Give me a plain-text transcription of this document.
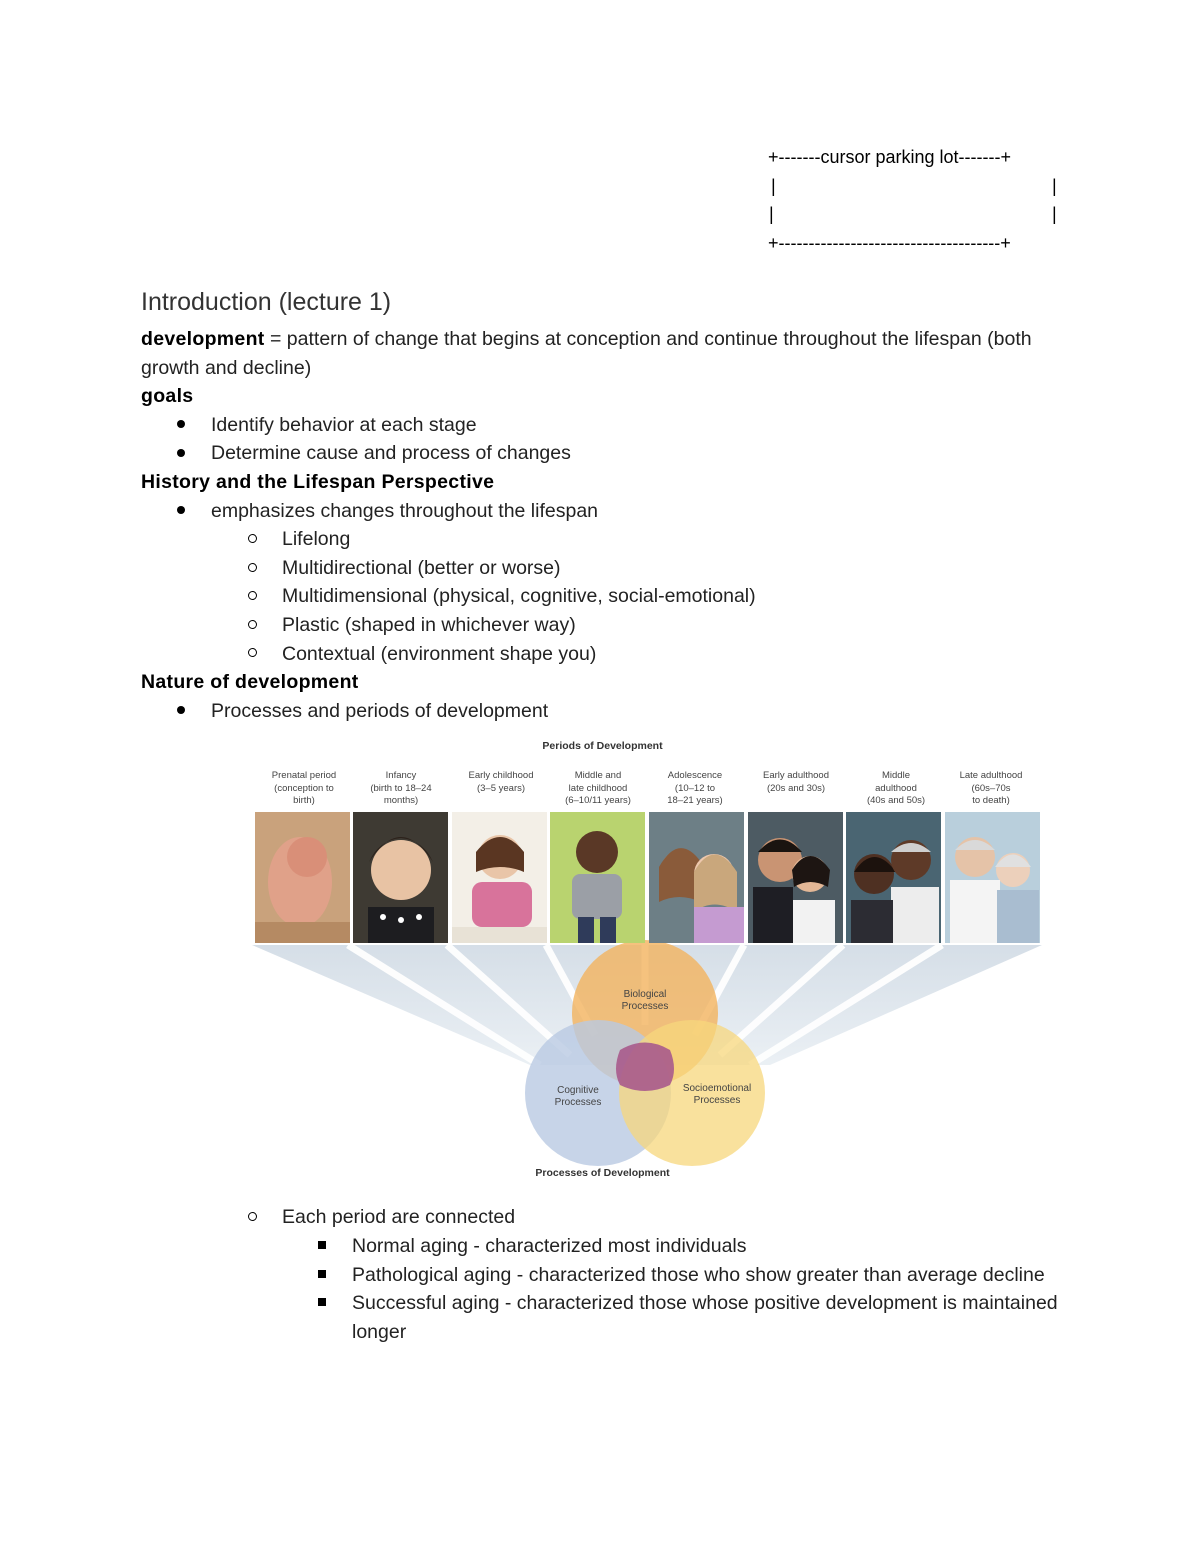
+-------cursor parking lot-------+
|	|
|	|
+-------------------------------------+
Introduction (lecture 1)

development = pattern of change that begins at conception and continue throughout the lifespan (both growth and decline)

goals

Identify behavior at each stage
Determine cause and process of changes

History and the Lifespan Perspective

emphasizes changes throughout the lifespan
Lifelong
Multidirectional (better or worse)
Multidimensional (physical, cognitive, social-emotional)
Plastic (shaped in whichever way)
Contextual (environment shape you)

Nature of development

Processes and periods of development
Each period are connected
Normal aging - characterized most individuals
Pathological aging - characterized those who show greater than average decline
Successful aging - characterized those whose positive development is maintained longer
Periods of Development
Prenatal period
(conception to
birth)
Infancy
(birth to 18–24
months)
Early childhood
(3–5 years)
Middle and
late childhood
(6–10/11 years)
Adolescence
(10–12 to
18–21 years)
Early adulthood
(20s and 30s)
Middle
adulthood
(40s and 50s)
Late adulthood
(60s–70s
to death)
Biological
Processes
Cognitive
Processes
Socioemotional
Processes
Processes of Development
